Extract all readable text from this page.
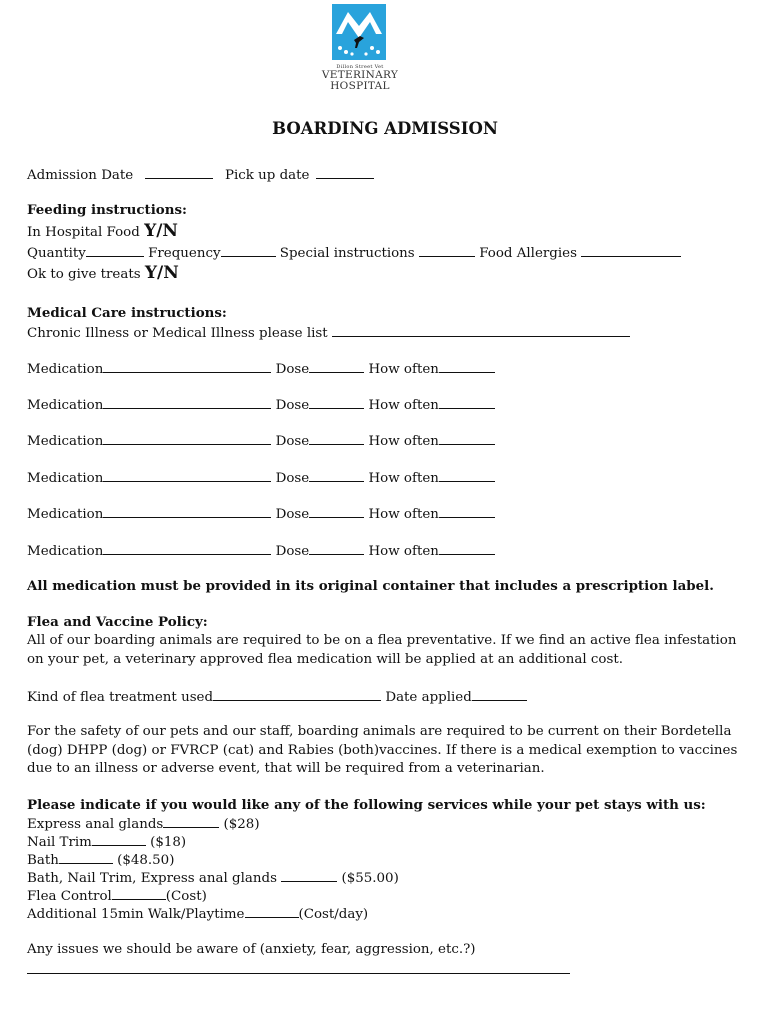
Dillon Street Vet
VETERINARY
HOSPITAL
BOARDING ADMISSION
Admission Date	Pick up date
Feeding instructions:
In Hospital Food Y/N
Quantity	Frequency	Special instructions	Food Allergies
Ok to give treats Y/N
Medical Care instructions:
Chronic Illness or Medical Illness please list
Medication	Dose	How often
Medication	Dose	How often
Medication	Dose	How often
Medication	Dose	How often
Medication	Dose	How often
Medication	Dose	How often
All medication must be provided in its original container that includes a prescription label.
Flea and Vaccine Policy:
All of our boarding animals are required to be on a flea preventative. If we find an active flea infestation on your pet, a veterinary approved flea medication will be applied at an additional cost.
Kind of flea treatment used	Date applied
For the safety of our pets and our staff, boarding animals are required to be current on their Bordetella (dog) DHPP (dog) or FVRCP (cat) and Rabies (both)vaccines. If there is a medical exemption to vaccines due to an illness or adverse event, that will be required from a veterinarian.
Please indicate if you would like any of the following services while your pet stays with us:
Express anal glands	($28)
Nail Trim	($18)
Bath	($48.50)
Bath, Nail Trim, Express anal glands	($55.00)
Flea Control	(Cost)
Additional 15min Walk/Playtime	(Cost/day)
Any issues we should be aware of (anxiety, fear, aggression, etc.?)
